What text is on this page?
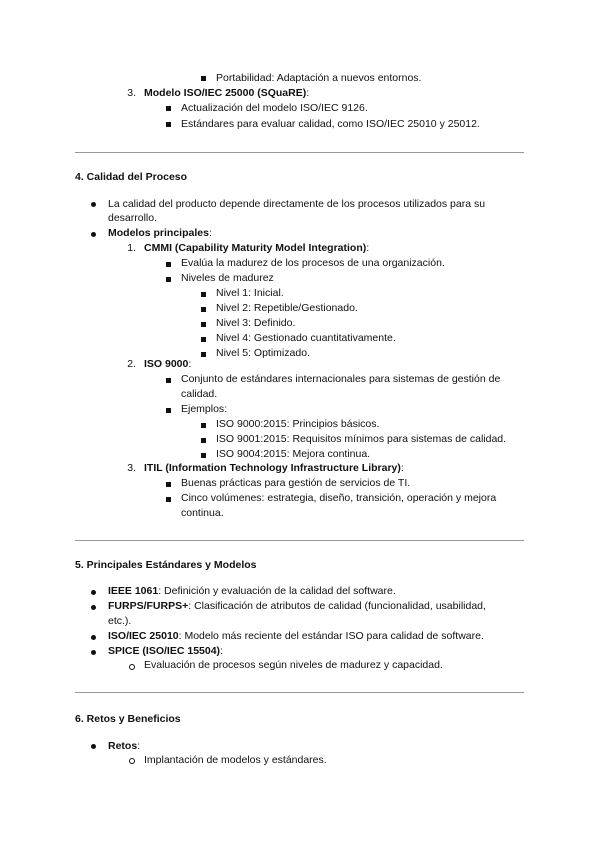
Portabilidad: Adaptación a nuevos entornos.
3. Modelo ISO/IEC 25000 (SQuaRE):
Actualización del modelo ISO/IEC 9126.
Estándares para evaluar calidad, como ISO/IEC 25010 y 25012.
4. Calidad del Proceso
La calidad del producto depende directamente de los procesos utilizados para su
desarrollo.
Modelos principales:
1. CMMI (Capability Maturity Model Integration):
Evalúa la madurez de los procesos de una organización.
Niveles de madurez
Nivel 1: Inicial.
Nivel 2: Repetible/Gestionado.
Nivel 3: Definido.
Nivel 4: Gestionado cuantitativamente.
Nivel 5: Optimizado.
2. ISO 9000:
Conjunto de estándares internacionales para sistemas de gestión de
calidad.
Ejemplos:
ISO 9000:2015: Principios básicos.
ISO 9001:2015: Requisitos mínimos para sistemas de calidad.
ISO 9004:2015: Mejora continua.
3. ITIL (Information Technology Infrastructure Library):
Buenas prácticas para gestión de servicios de TI.
Cinco volúmenes: estrategia, diseño, transición, operación y mejora
continua.
5. Principales Estándares y Modelos
IEEE 1061: Definición y evaluación de la calidad del software.
FURPS/FURPS+: Clasificación de atributos de calidad (funcionalidad, usabilidad,
etc.).
ISO/IEC 25010: Modelo más reciente del estándar ISO para calidad de software.
SPICE (ISO/IEC 15504):
Evaluación de procesos según niveles de madurez y capacidad.
6. Retos y Beneficios
Retos:
Implantación de modelos y estándares.
